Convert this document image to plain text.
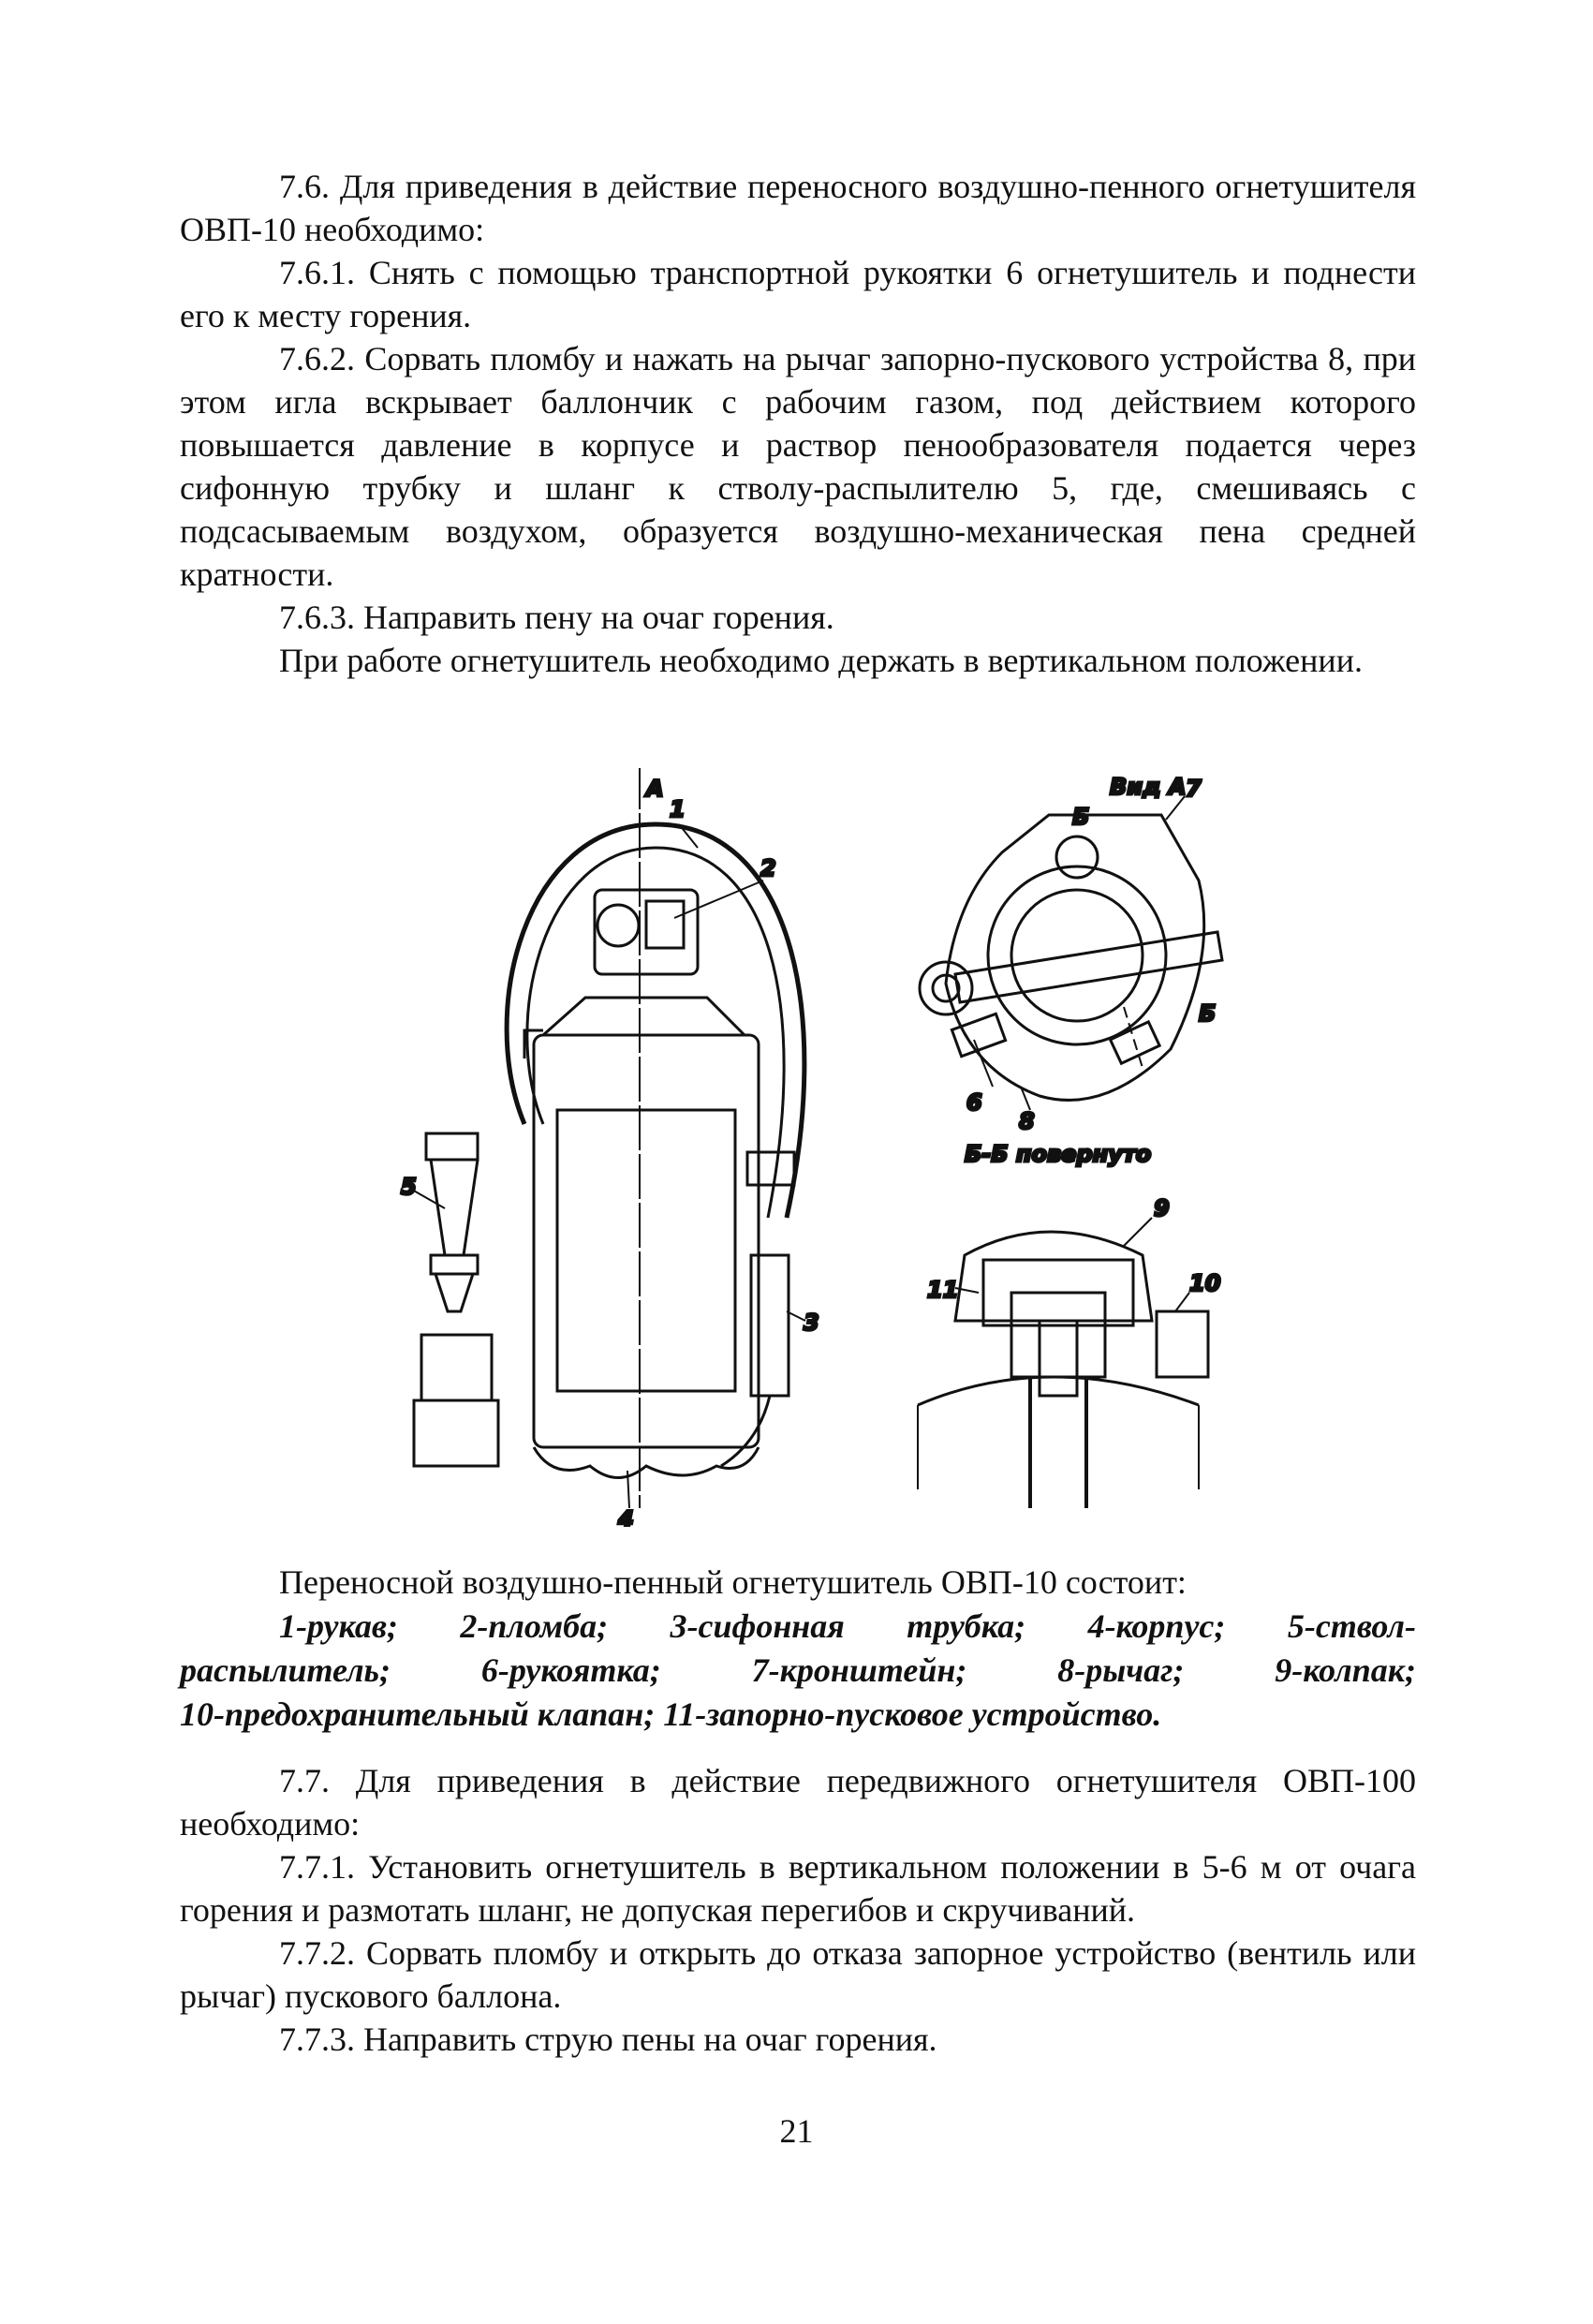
7.6. Для приведения в действие переносного воздушно-пенного огнетушителя ОВП-10 необходимо:

7.6.1. Снять с помощью транспортной рукоятки 6 огнетушитель и поднести его к месту горения.

7.6.2. Сорвать пломбу и нажать на рычаг запорно-пускового устройства 8, при этом игла вскрывает баллончик с рабочим газом, под действием которого повышается давление в корпусе и раствор пенообразователя подается через сифонную трубку и шланг к стволу-распылителю 5, где, смешиваясь с подсасываемым воздухом, образуется воздушно-механическая пена средней кратности.

7.6.3. Направить пену на очаг горения.

При работе огнетушитель необходимо держать в вертикальном положении.

А
1
2
3
4
5
6
7
8
9
10
11
Вид А
Б
Б
Б-Б повернуто

Переносной воздушно-пенный огнетушитель ОВП-10 состоит:

1-рукав; 2-пломба; 3-сифонная трубка; 4-корпус; 5-ствол-
распылитель; 6-рукоятка; 7-кронштейн; 8-рычаг; 9-колпак;
10-предохранительный клапан; 11-запорно-пусковое устройство.

7.7. Для приведения в действие передвижного огнетушителя ОВП-100 необходимо:

7.7.1. Установить огнетушитель в вертикальном положении в 5-6 м от очага горения и размотать шланг, не допуская перегибов и скручиваний.

7.7.2. Сорвать пломбу и открыть до отказа запорное устройство (вентиль или рычаг) пускового баллона.

7.7.3. Направить струю пены на очаг горения.

21
